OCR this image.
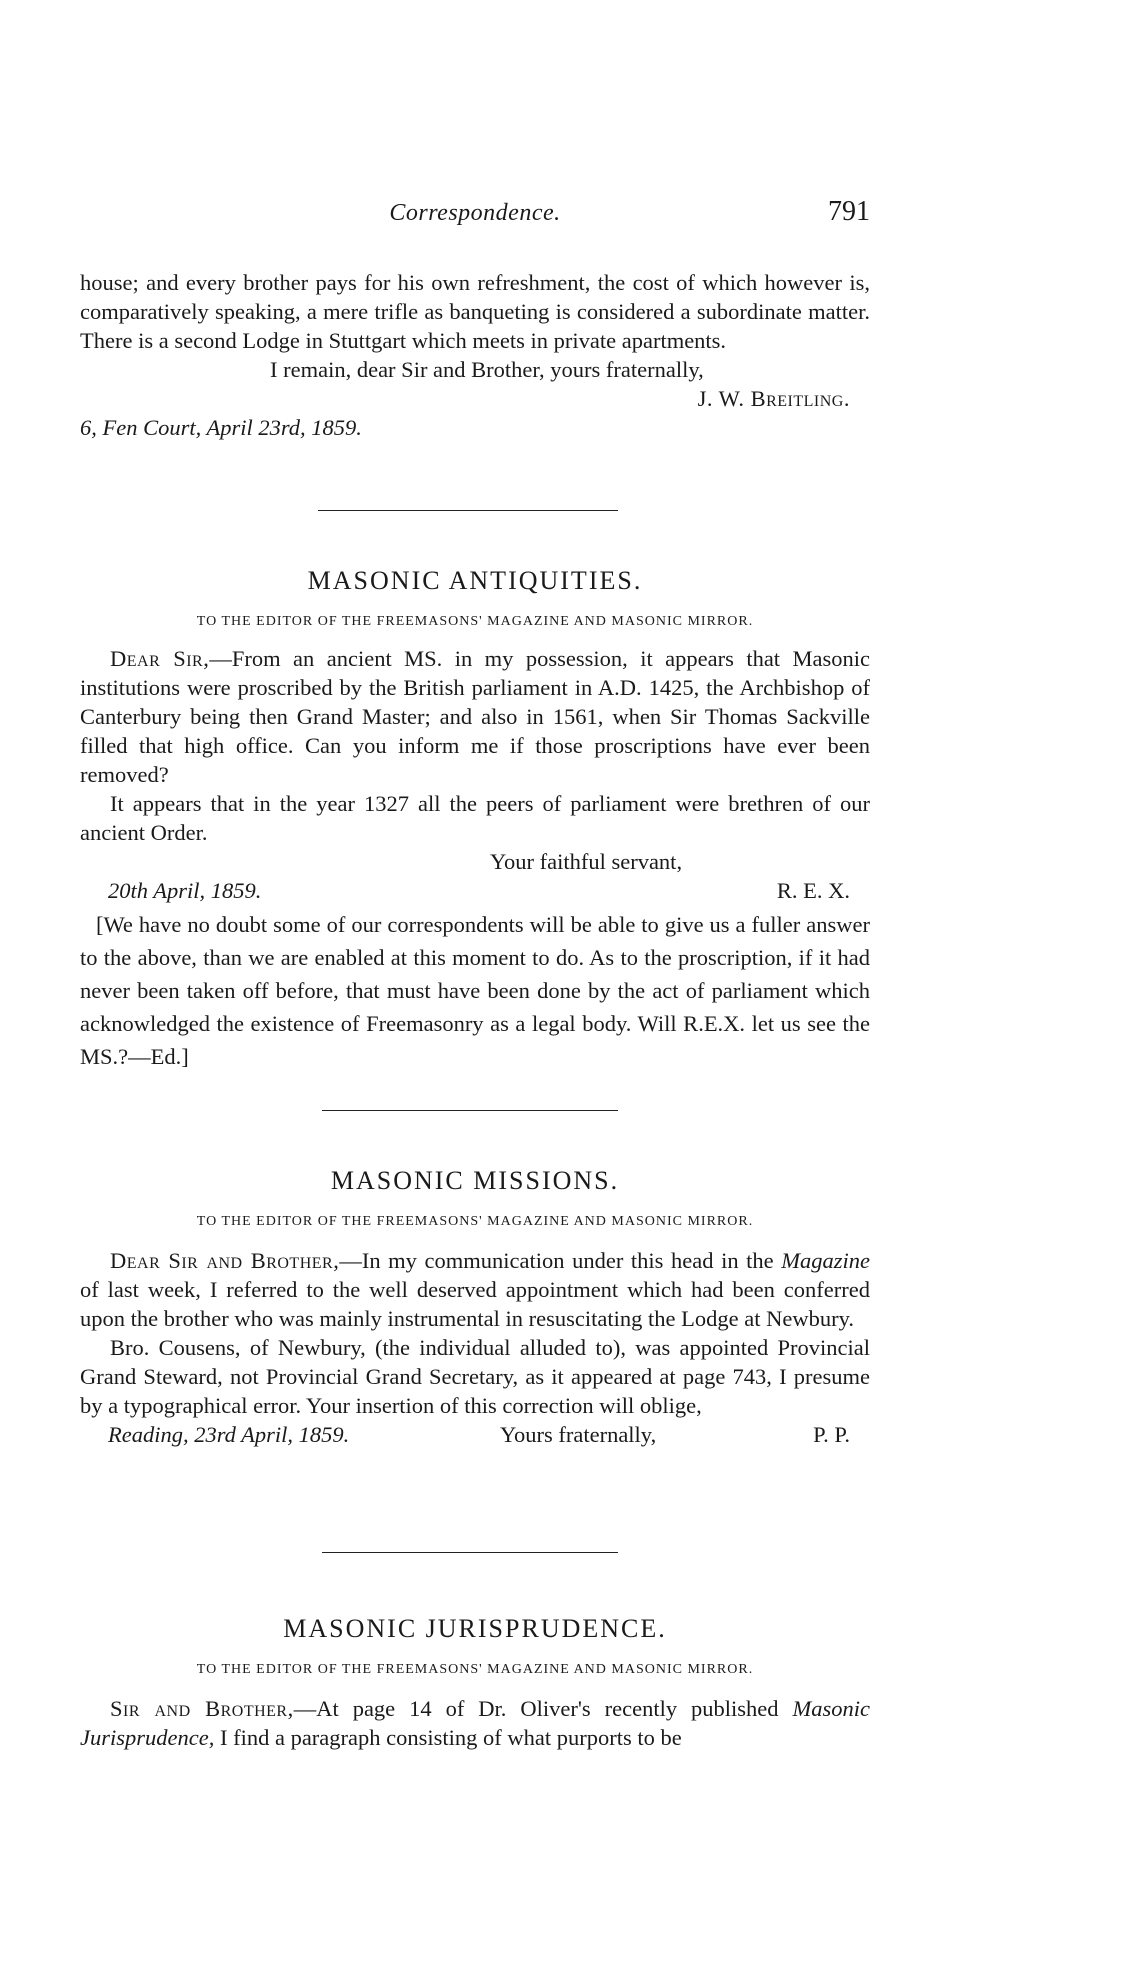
Correspondence.	791

house; and every brother pays for his own refreshment, the cost of which however is, comparatively speaking, a mere trifle as banqueting is considered a subordinate matter. There is a second Lodge in Stuttgart which meets in private apartments.

I remain, dear Sir and Brother, yours fraternally,
J. W. Breitling.
6, Fen Court, April 23rd, 1859.
MASONIC ANTIQUITIES.
TO THE EDITOR OF THE FREEMASONS' MAGAZINE AND MASONIC MIRROR.

Dear Sir,—From an ancient MS. in my possession, it appears that Masonic institutions were proscribed by the British parliament in A.D. 1425, the Archbishop of Canterbury being then Grand Master; and also in 1561, when Sir Thomas Sackville filled that high office. Can you inform me if those proscriptions have ever been removed?

It appears that in the year 1327 all the peers of parliament were brethren of our ancient Order.

Your faithful servant,
20th April, 1859.	R. E. X.

[We have no doubt some of our correspondents will be able to give us a fuller answer to the above, than we are enabled at this moment to do. As to the proscription, if it had never been taken off before, that must have been done by the act of parliament which acknowledged the existence of Freemasonry as a legal body. Will R.E.X. let us see the MS.?—Ed.]

MASONIC MISSIONS.
TO THE EDITOR OF THE FREEMASONS' MAGAZINE AND MASONIC MIRROR.

Dear Sir and Brother,—In my communication under this head in the Magazine of last week, I referred to the well deserved appointment which had been conferred upon the brother who was mainly instrumental in resuscitating the Lodge at Newbury.

Bro. Cousens, of Newbury, (the individual alluded to), was appointed Provincial Grand Steward, not Provincial Grand Secretary, as it appeared at page 743, I presume by a typographical error. Your insertion of this correction will oblige,

Reading, 23rd April, 1859.	Yours fraternally,	P. P.
MASONIC JURISPRUDENCE.
TO THE EDITOR OF THE FREEMASONS' MAGAZINE AND MASONIC MIRROR.

Sir and Brother,—At page 14 of Dr. Oliver's recently published Masonic Jurisprudence, I find a paragraph consisting of what purports to be
